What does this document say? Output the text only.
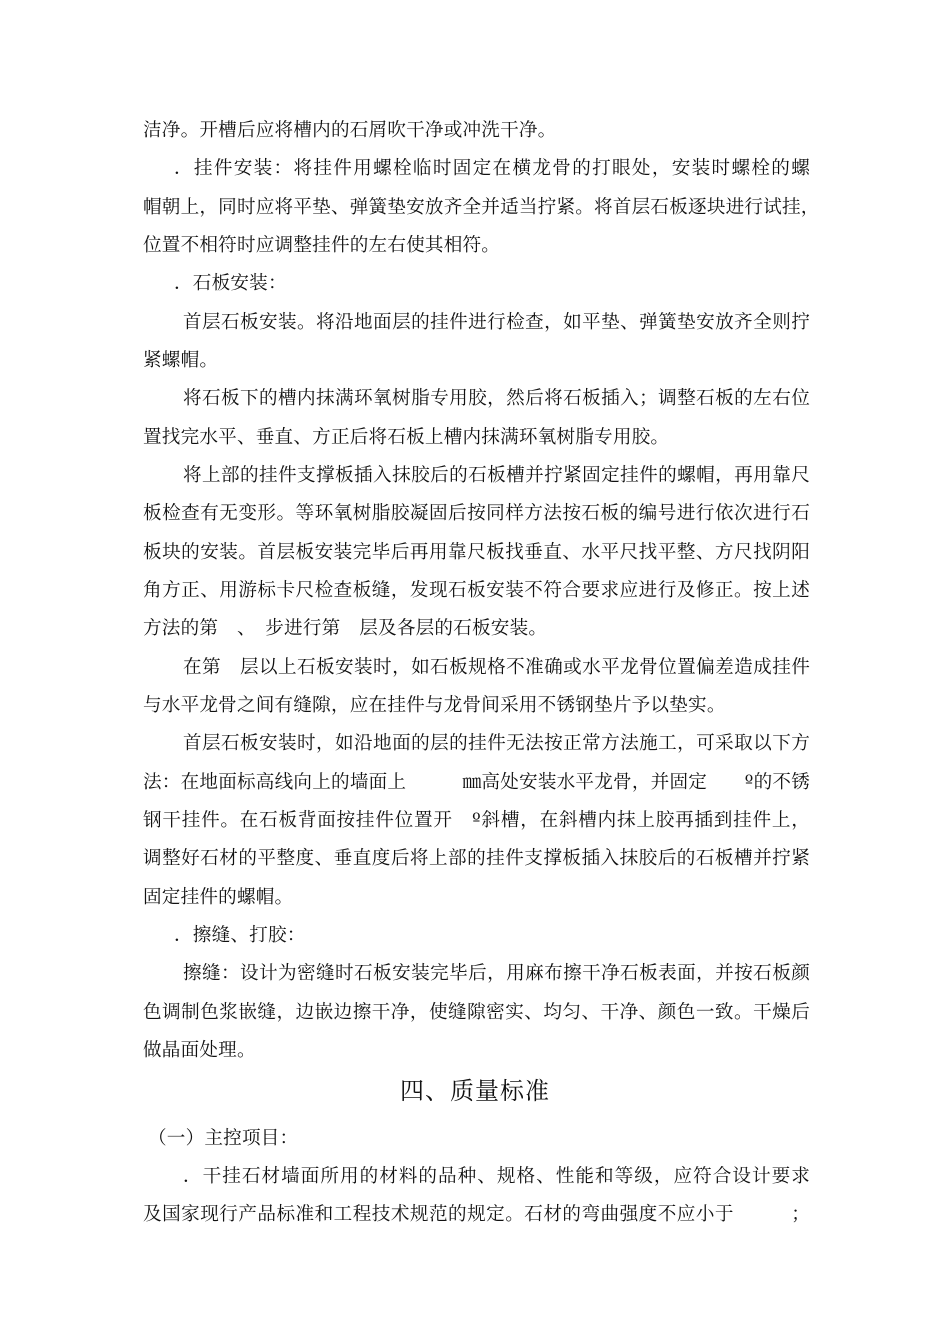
洁净。开槽后应将槽内的石屑吹干净或冲洗干净。
．挂件安装：将挂件用螺栓临时固定在横龙骨的打眼处，安装时螺栓的螺
帽朝上，同时应将平垫、弹簧垫安放齐全并适当拧紧。将首层石板逐块进行试挂，
位置不相符时应调整挂件的左右使其相符。
．石板安装：
首层石板安装。将沿地面层的挂件进行检查，如平垫、弹簧垫安放齐全则拧
紧螺帽。
将石板下的槽内抹满环氧树脂专用胶，然后将石板插入；调整石板的左右位
置找完水平、垂直、方正后将石板上槽内抹满环氧树脂专用胶。
将上部的挂件支撑板插入抹胶后的石板槽并拧紧固定挂件的螺帽，再用靠尺
板检查有无变形。等环氧树脂胶凝固后按同样方法按石板的编号进行依次进行石
板块的安装。首层板安装完毕后再用靠尺板找垂直、水平尺找平整、方尺找阴阳
角方正、用游标卡尺检查板缝，发现石板安装不符合要求应进行及修正。按上述
方法的第　、　步进行第　层及各层的石板安装。
在第　层以上石板安装时，如石板规格不准确或水平龙骨位置偏差造成挂件
与水平龙骨之间有缝隙，应在挂件与龙骨间采用不锈钢垫片予以垫实。
首层石板安装时，如沿地面的层的挂件无法按正常方法施工，可采取以下方
法：在地面标高线向上的墙面上　　　㎜高处安装水平龙骨，并固定　　º的不锈
钢干挂件。在石板背面按挂件位置开　º斜槽，在斜槽内抹上胶再插到挂件上，
调整好石材的平整度、垂直度后将上部的挂件支撑板插入抹胶后的石板槽并拧紧
固定挂件的螺帽。
．擦缝、打胶：
擦缝：设计为密缝时石板安装完毕后，用麻布擦干净石板表面，并按石板颜
色调制色浆嵌缝，边嵌边擦干净，使缝隙密实、均匀、干净、颜色一致。干燥后
做晶面处理。
四、质量标准
（一）主控项目：
．干挂石材墙面所用的材料的品种、规格、性能和等级，应符合设计要求
及国家现行产品标准和工程技术规范的规定。石材的弯曲强度不应小于　　　；
